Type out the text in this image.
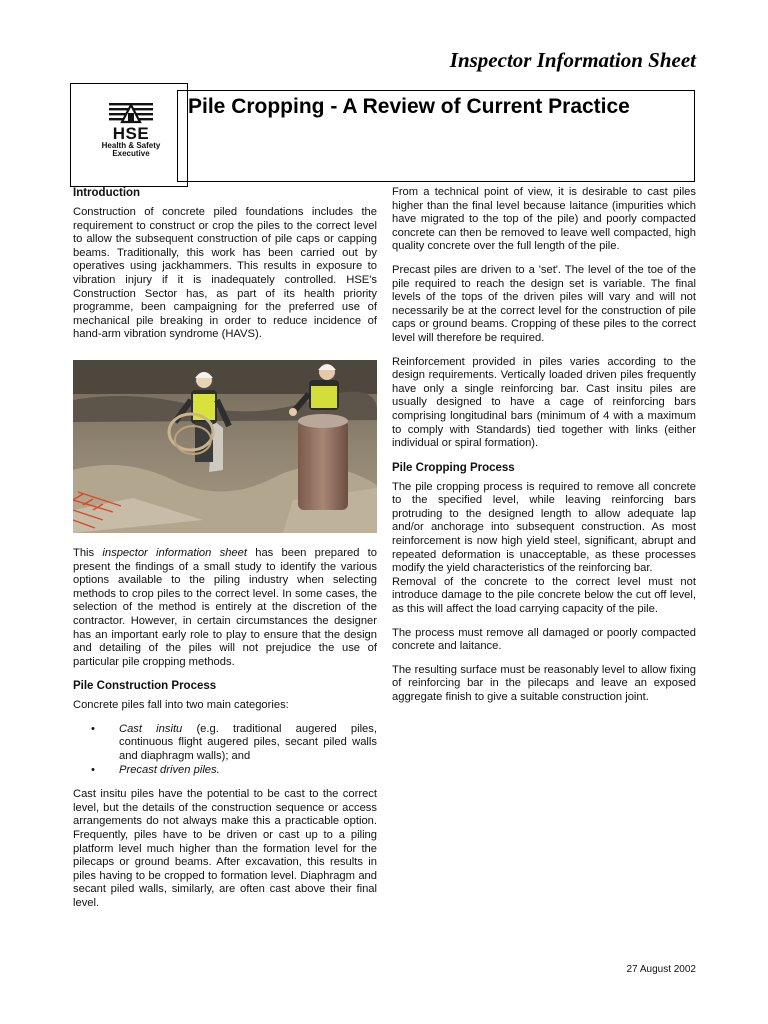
Inspector Information Sheet
HSE
Health & Safety
Executive
Pile Cropping - A Review of Current Practice
Introduction

Construction of concrete piled foundations includes the requirement to construct or crop the piles to the correct level to allow the subsequent construction of pile caps or capping beams. Traditionally, this work has been carried out by operatives using jackhammers. This results in exposure to vibration injury if it is inadequately controlled. HSE's Construction Sector has, as part of its health priority programme, been campaigning for the preferred use of mechanical pile breaking in order to reduce incidence of hand-arm vibration syndrome (HAVS).

This inspector information sheet has been prepared to present the findings of a small study to identify the various options available to the piling industry when selecting methods to crop piles to the correct level. In some cases, the selection of the method is entirely at the discretion of the contractor. However, in certain circumstances the designer has an important early role to play to ensure that the design and detailing of the piles will not prejudice the use of particular pile cropping methods.

Pile Construction Process

Concrete piles fall into two main categories:

• Cast insitu (e.g. traditional augered piles, continuous flight augered piles, secant piled walls and diaphragm walls); and
• Precast driven piles.

Cast insitu piles have the potential to be cast to the correct level, but the details of the construction sequence or access arrangements do not always make this a practicable option. Frequently, piles have to be driven or cast up to a piling platform level much higher than the formation level for the pilecaps or ground beams. After excavation, this results in piles having to be cropped to formation level. Diaphragm and secant piled walls, similarly, are often cast above their final level.

From a technical point of view, it is desirable to cast piles higher than the final level because laitance (impurities which have migrated to the top of the pile) and poorly compacted concrete can then be removed to leave well compacted, high quality concrete over the full length of the pile.

Precast piles are driven to a 'set'. The level of the toe of the pile required to reach the design set is variable. The final levels of the tops of the driven piles will vary and will not necessarily be at the correct level for the construction of pile caps or ground beams. Cropping of these piles to the correct level will therefore be required.

Reinforcement provided in piles varies according to the design requirements. Vertically loaded driven piles frequently have only a single reinforcing bar. Cast insitu piles are usually designed to have a cage of reinforcing bars comprising longitudinal bars (minimum of 4 with a maximum to comply with Standards) tied together with links (either individual or spiral formation).

Pile Cropping Process

The pile cropping process is required to remove all concrete to the specified level, while leaving reinforcing bars protruding to the designed length to allow adequate lap and/or anchorage into subsequent construction. As most reinforcement is now high yield steel, significant, abrupt and repeated deformation is unacceptable, as these processes modify the yield characteristics of the reinforcing bar.

Removal of the concrete to the correct level must not introduce damage to the pile concrete below the cut off level, as this will affect the load carrying capacity of the pile.

The process must remove all damaged or poorly compacted concrete and laitance.

The resulting surface must be reasonably level to allow fixing of reinforcing bar in the pilecaps and leave an exposed aggregate finish to give a suitable construction joint.

27 August 2002
